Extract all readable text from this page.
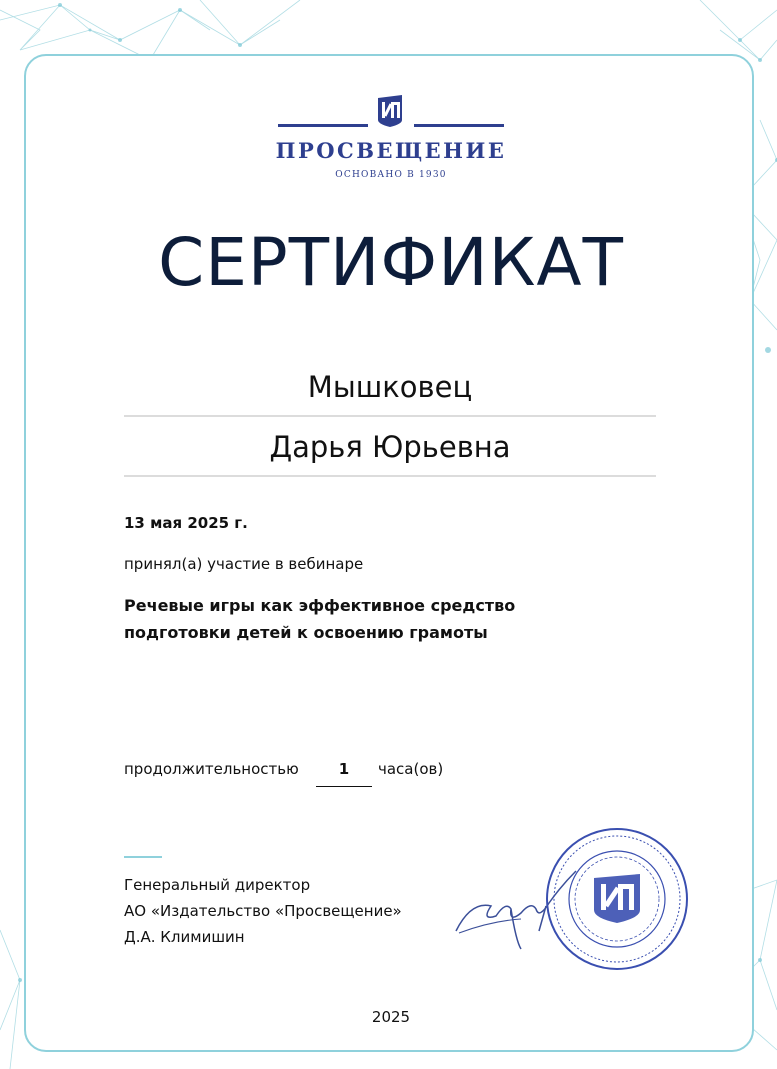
ПРОСВЕЩЕНИЕ
ОСНОВАНО В 1930
СЕРТИФИКАТ
Мышковец
Дарья Юрьевна
13 мая 2025 г.
принял(а) участие в вебинаре
Речевые игры как эффективное средство
подготовки детей к освоению грамоты
продолжительностью	1	часа(ов)
Генеральный директор
АО «Издательство «Просвещение»
Д.А. Климишин
2025
